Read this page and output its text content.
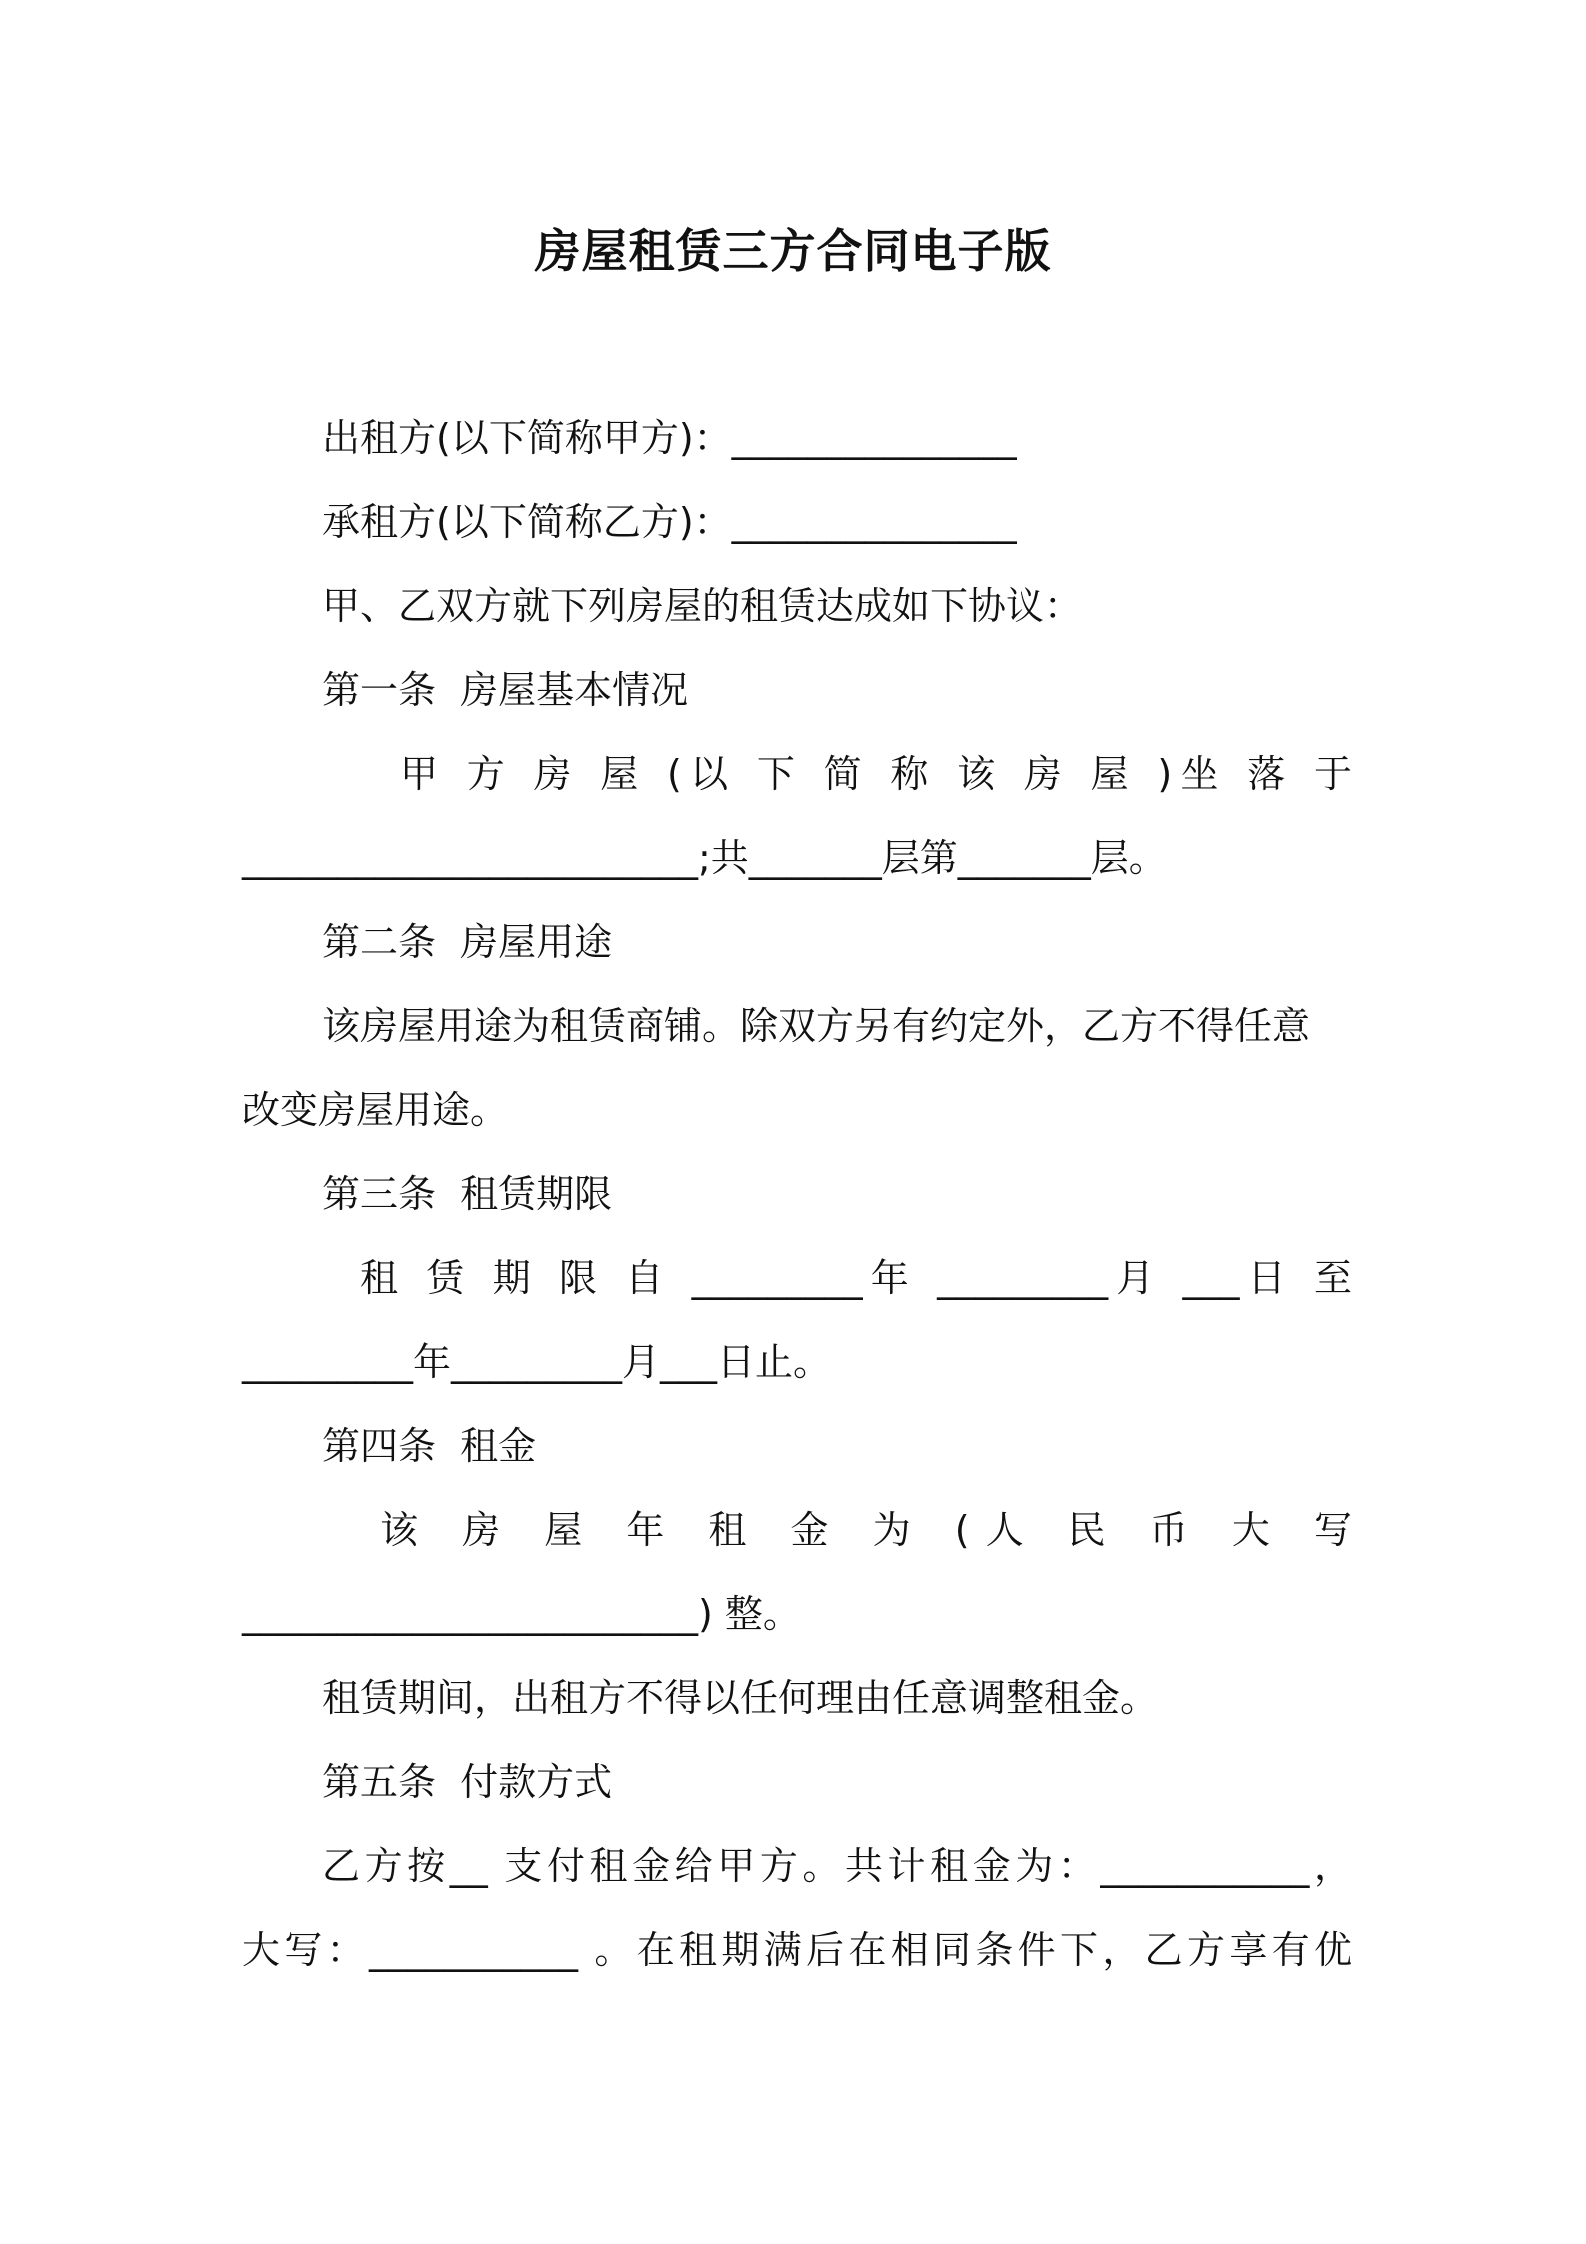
房屋租赁三方合同电子版
出租方(以下简称甲方)：_______________
承租方(以下简称乙方)：_______________
甲、乙双方就下列房屋的租赁达成如下协议：
第一条  房屋基本情况
甲 方 房 屋 (以 下 简 称 该 房 屋 )坐 落 于
________________________;共_______层第_______层。
第二条  房屋用途
该房屋用途为租赁商铺。除双方另有约定外，乙方不得任意
改变房屋用途。
第三条  租赁期限
租 赁 期 限 自 _________年 _________月 ___日 至
_________年_________月___日止。
第四条  租金
该 房 屋 年 租 金 为 (人 民 币 大 写
________________________) 整。
租赁期间，出租方不得以任何理由任意调整租金。
第五条  付款方式
乙方按__ 支付租金给甲方。共计租金为：___________，
大写：___________ 。在租期满后在相同条件下，乙方享有优
